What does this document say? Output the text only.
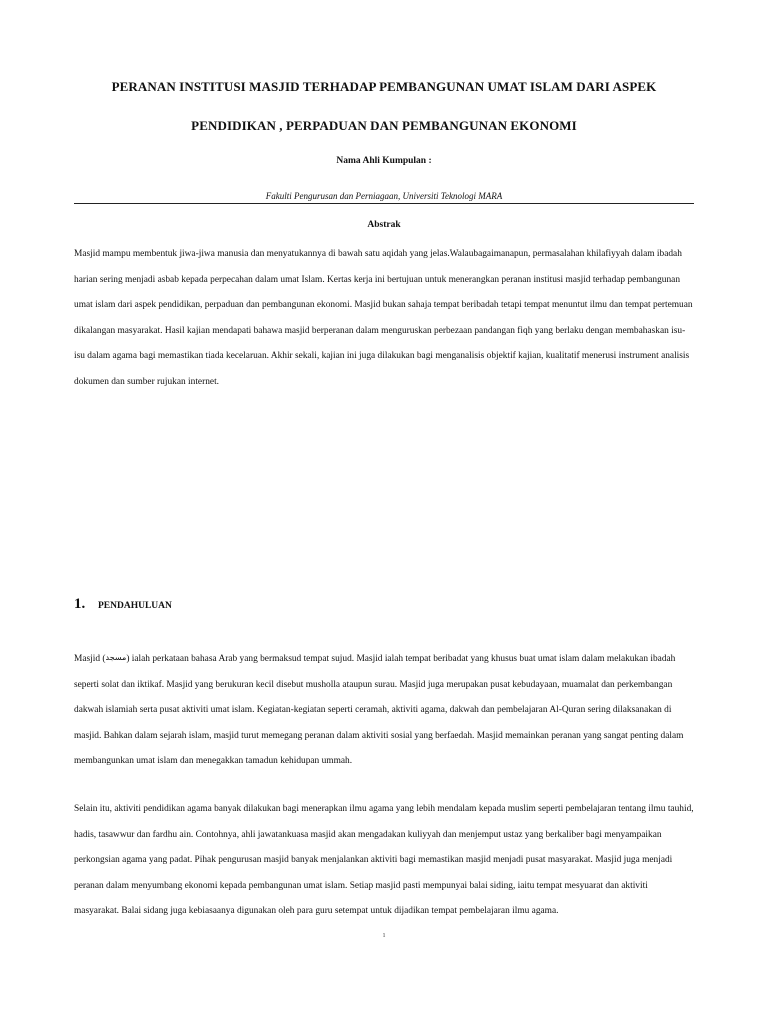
PERANAN INSTITUSI MASJID TERHADAP PEMBANGUNAN UMAT ISLAM DARI ASPEK
PENDIDIKAN , PERPADUAN DAN PEMBANGUNAN EKONOMI
Nama Ahli Kumpulan :
Fakulti Pengurusan dan Perniagaan, Universiti Teknologi MARA
Abstrak

Masjid mampu membentuk jiwa-jiwa manusia dan menyatukannya di bawah satu aqidah yang jelas.Walaubagaimanapun, permasalahan khilafiyyah dalam ibadah harian sering menjadi asbab kepada perpecahan dalam umat Islam. Kertas kerja ini bertujuan untuk menerangkan peranan institusi masjid terhadap pembangunan umat islam dari aspek pendidikan, perpaduan dan pembangunan ekonomi. Masjid bukan sahaja tempat beribadah tetapi tempat menuntut ilmu dan tempat pertemuan dikalangan masyarakat. Hasil kajian mendapati bahawa masjid berperanan dalam menguruskan perbezaan pandangan fiqh yang berlaku dengan membahaskan isu-isu dalam agama bagi memastikan tiada kecelaruan. Akhir sekali, kajian ini juga dilakukan bagi menganalisis objektif kajian, kualitatif menerusi instrument analisis dokumen dan sumber rujukan internet.

1.	PENDAHULUAN

Masjid (مسجد) ialah perkataan bahasa Arab yang bermaksud tempat sujud. Masjid ialah tempat beribadat yang khusus buat umat islam dalam melakukan ibadah seperti solat dan iktikaf. Masjid yang berukuran kecil disebut musholla ataupun surau. Masjid juga merupakan pusat kebudayaan, muamalat dan perkembangan dakwah islamiah serta pusat aktiviti umat islam. Kegiatan-kegiatan seperti ceramah, aktiviti agama, dakwah dan pembelajaran Al-Quran sering dilaksanakan di masjid. Bahkan dalam sejarah islam, masjid turut memegang peranan dalam aktiviti sosial yang berfaedah. Masjid memainkan peranan yang sangat penting dalam membangunkan umat islam dan menegakkan tamadun kehidupan ummah.

Selain itu, aktiviti pendidikan agama banyak dilakukan bagi menerapkan ilmu agama yang lebih mendalam kepada muslim seperti pembelajaran tentang ilmu tauhid, hadis, tasawwur dan fardhu ain. Contohnya, ahli jawatankuasa masjid akan mengadakan kuliyyah dan menjemput ustaz yang berkaliber bagi menyampaikan perkongsian agama yang padat. Pihak pengurusan masjid banyak menjalankan aktiviti bagi memastikan masjid menjadi pusat masyarakat. Masjid juga menjadi peranan dalam menyumbang ekonomi kepada pembangunan umat islam. Setiap masjid pasti mempunyai balai siding, iaitu tempat mesyuarat dan aktiviti masyarakat. Balai sidang juga kebiasaanya digunakan oleh para guru setempat untuk dijadikan tempat pembelajaran ilmu agama.

1
